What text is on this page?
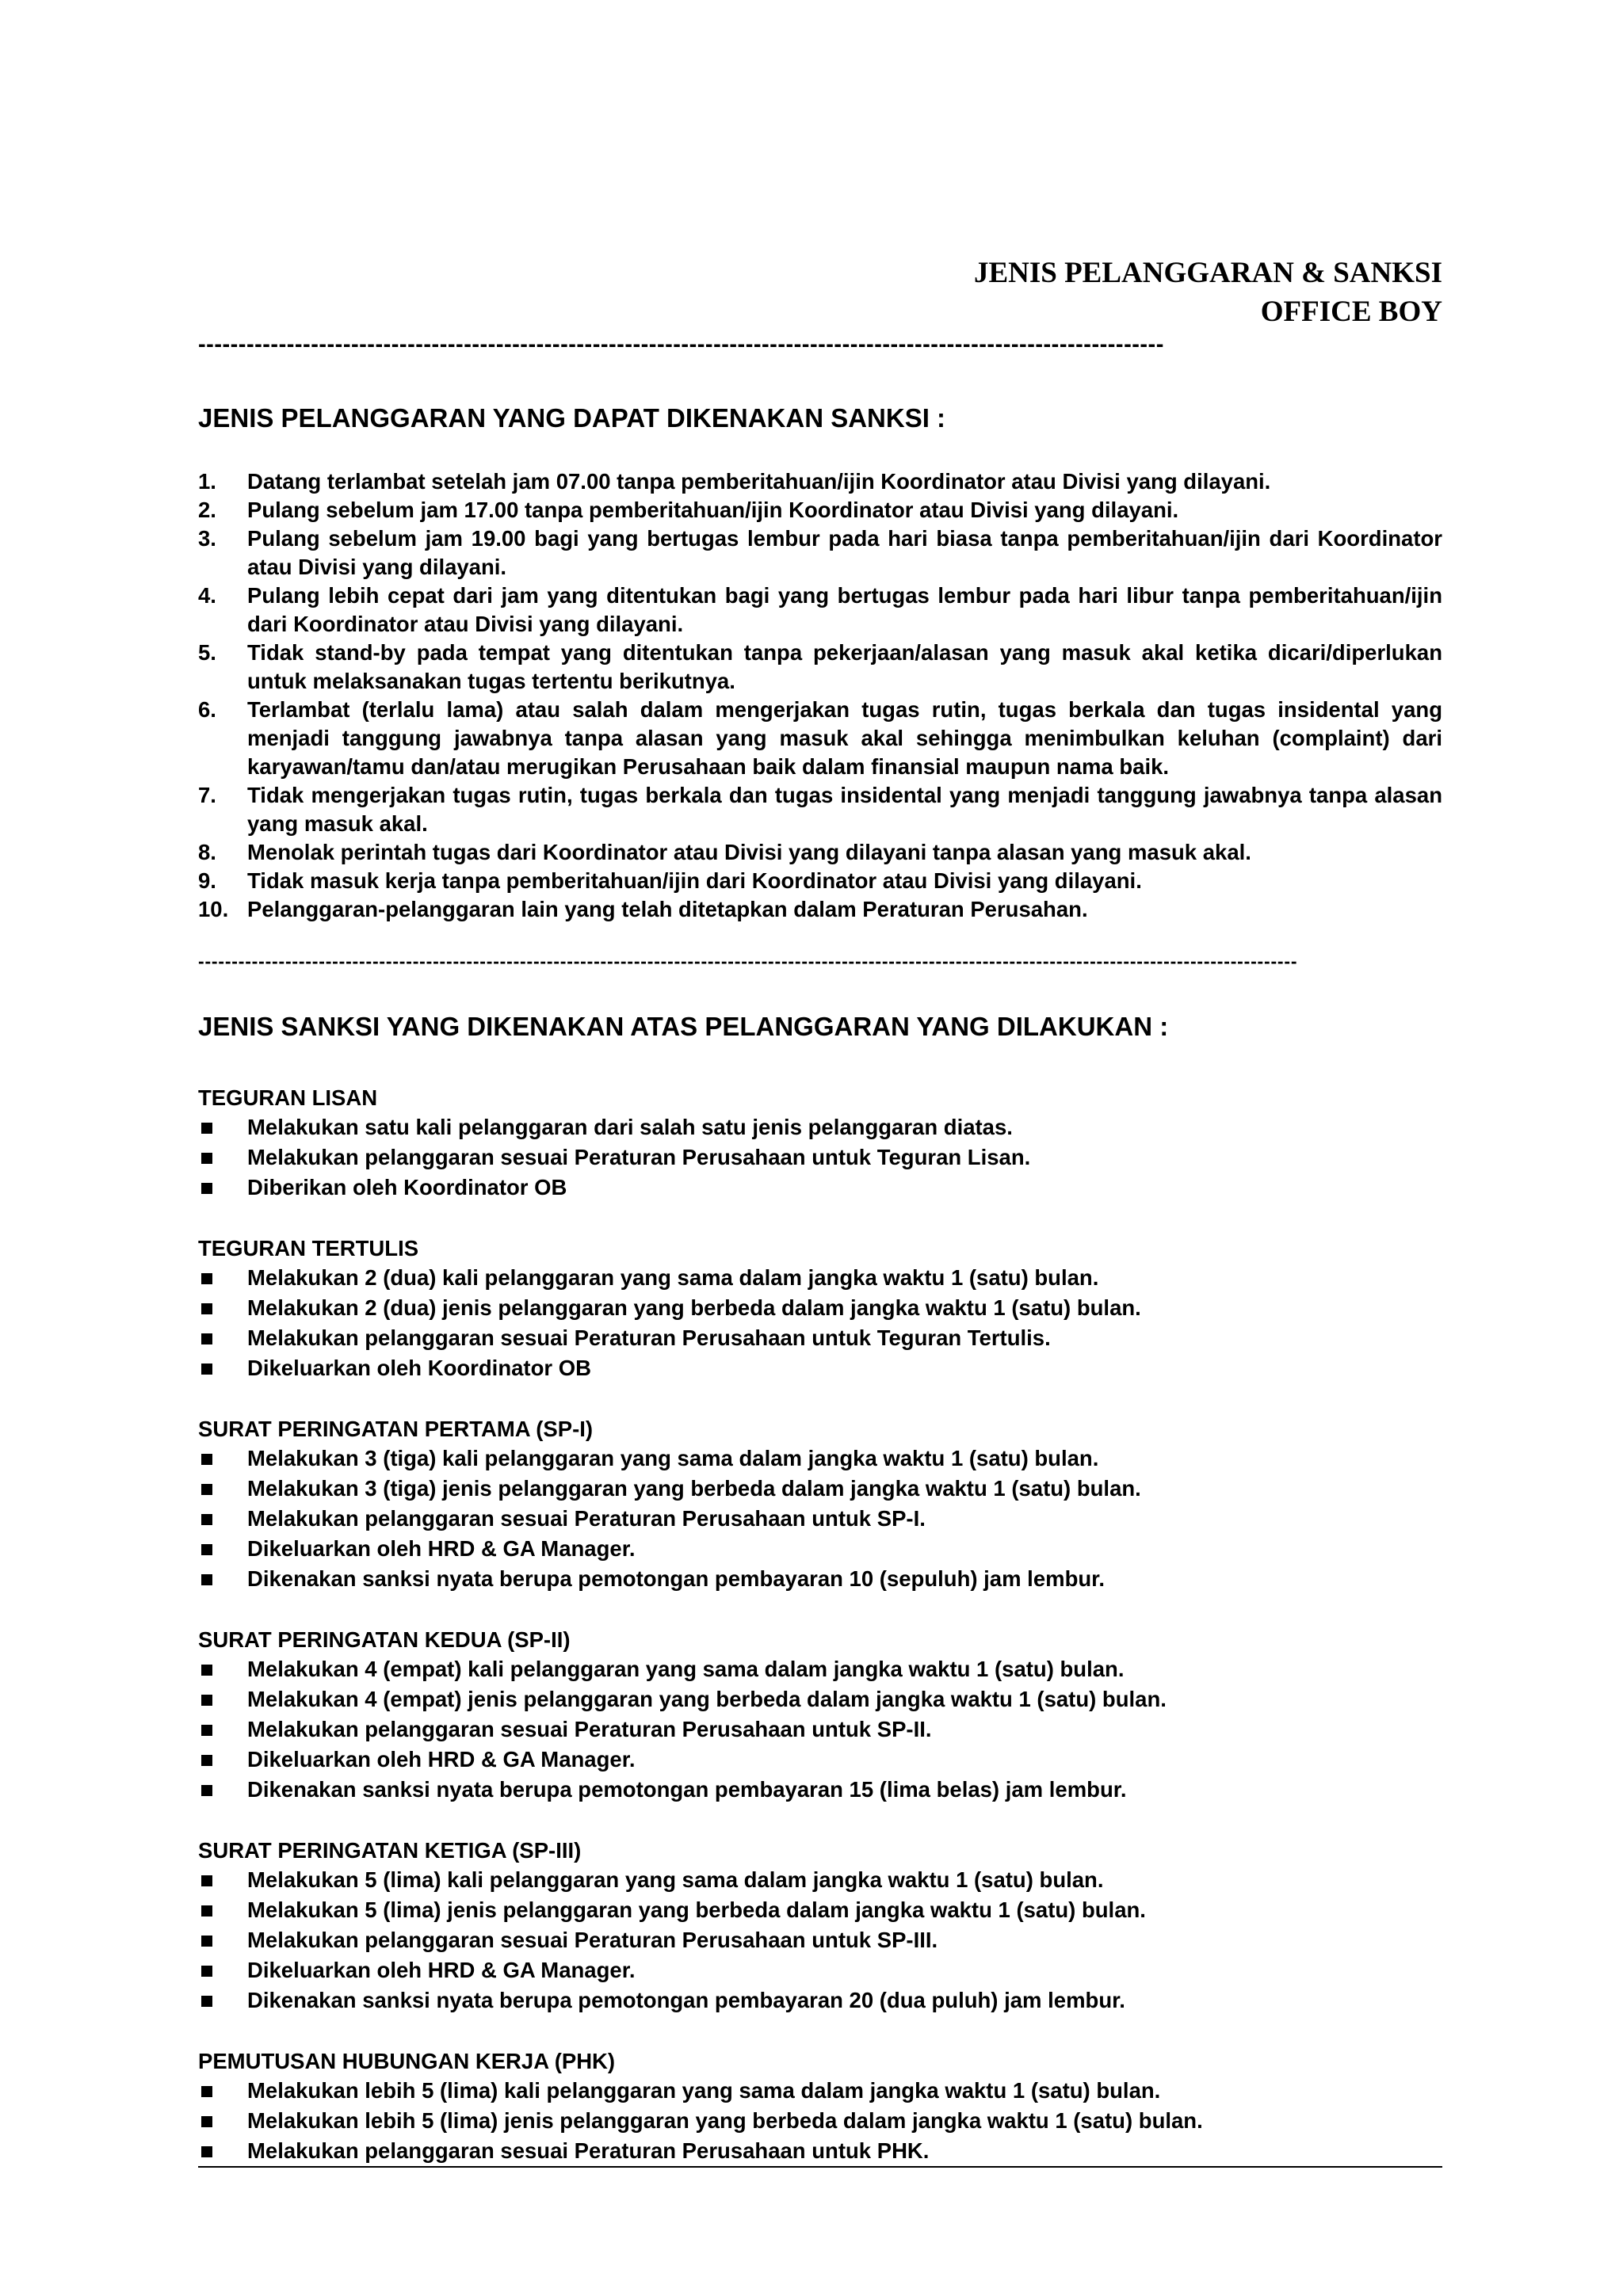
JENIS PELANGGARAN & SANKSI
OFFICE BOY
------------------------------------------------------------------------------------------------------------------------
JENIS PELANGGARAN YANG DAPAT DIKENAKAN SANKSI :
1.	Datang terlambat setelah jam 07.00 tanpa pemberitahuan/ijin Koordinator atau Divisi yang dilayani.
2.	Pulang sebelum jam 17.00 tanpa pemberitahuan/ijin Koordinator atau Divisi yang dilayani.
3.	Pulang sebelum jam 19.00 bagi yang bertugas lembur pada hari biasa tanpa pemberitahuan/ijin dari Koordinator atau Divisi yang dilayani.
4.	Pulang lebih cepat dari jam yang ditentukan bagi yang bertugas lembur pada hari libur tanpa pemberitahuan/ijin dari Koordinator atau Divisi yang dilayani.
5.	Tidak stand-by pada tempat yang ditentukan tanpa pekerjaan/alasan yang masuk akal ketika dicari/diperlukan untuk melaksanakan tugas tertentu berikutnya.
6.	Terlambat (terlalu lama) atau salah dalam mengerjakan tugas rutin, tugas berkala dan tugas insidental yang menjadi tanggung jawabnya tanpa alasan yang masuk akal sehingga menimbulkan keluhan (complaint) dari karyawan/tamu dan/atau merugikan Perusahaan baik dalam finansial maupun nama baik.
7.	Tidak mengerjakan tugas rutin, tugas berkala dan tugas insidental yang menjadi tanggung jawabnya tanpa alasan yang masuk akal.
8.	Menolak perintah tugas dari Koordinator atau Divisi yang dilayani tanpa alasan yang masuk akal.
9.	Tidak masuk kerja tanpa pemberitahuan/ijin dari Koordinator atau Divisi yang dilayani.
10. Pelanggaran-pelanggaran lain yang telah ditetapkan dalam Peraturan Perusahan.
--------------------------------------------------------------------------------------------------------------------------------------------------------------------
JENIS SANKSI YANG DIKENAKAN ATAS PELANGGARAN YANG DILAKUKAN :
TEGURAN LISAN
Melakukan satu kali pelanggaran dari salah satu jenis pelanggaran diatas.
Melakukan pelanggaran sesuai Peraturan Perusahaan untuk Teguran Lisan.
Diberikan oleh Koordinator OB
TEGURAN TERTULIS
Melakukan 2 (dua) kali pelanggaran yang sama dalam jangka waktu 1 (satu) bulan.
Melakukan 2 (dua) jenis pelanggaran yang berbeda dalam jangka waktu 1 (satu) bulan.
Melakukan pelanggaran sesuai Peraturan Perusahaan untuk Teguran Tertulis.
Dikeluarkan oleh Koordinator OB
SURAT PERINGATAN PERTAMA (SP-I)
Melakukan 3 (tiga) kali pelanggaran yang sama dalam jangka waktu 1 (satu) bulan.
Melakukan 3 (tiga) jenis pelanggaran yang berbeda dalam jangka waktu 1 (satu) bulan.
Melakukan pelanggaran sesuai Peraturan Perusahaan untuk SP-I.
Dikeluarkan oleh HRD & GA Manager.
Dikenakan sanksi nyata berupa pemotongan pembayaran 10 (sepuluh) jam lembur.
SURAT PERINGATAN KEDUA (SP-II)
Melakukan 4 (empat) kali pelanggaran yang sama dalam jangka waktu 1 (satu) bulan.
Melakukan 4 (empat) jenis pelanggaran yang berbeda dalam jangka waktu 1 (satu) bulan.
Melakukan pelanggaran sesuai Peraturan Perusahaan untuk SP-II.
Dikeluarkan oleh HRD & GA Manager.
Dikenakan sanksi nyata berupa pemotongan pembayaran 15 (lima belas) jam lembur.
SURAT PERINGATAN KETIGA (SP-III)
Melakukan 5 (lima) kali pelanggaran yang sama dalam jangka waktu 1 (satu) bulan.
Melakukan 5 (lima) jenis pelanggaran yang berbeda dalam jangka waktu 1 (satu) bulan.
Melakukan pelanggaran sesuai Peraturan Perusahaan untuk SP-III.
Dikeluarkan oleh HRD & GA Manager.
Dikenakan sanksi nyata berupa pemotongan pembayaran 20 (dua puluh) jam lembur.
PEMUTUSAN HUBUNGAN KERJA (PHK)
Melakukan lebih 5 (lima) kali pelanggaran yang sama dalam jangka waktu 1 (satu) bulan.
Melakukan lebih 5 (lima) jenis pelanggaran yang berbeda dalam jangka waktu 1 (satu) bulan.
Melakukan pelanggaran sesuai Peraturan Perusahaan untuk PHK.
